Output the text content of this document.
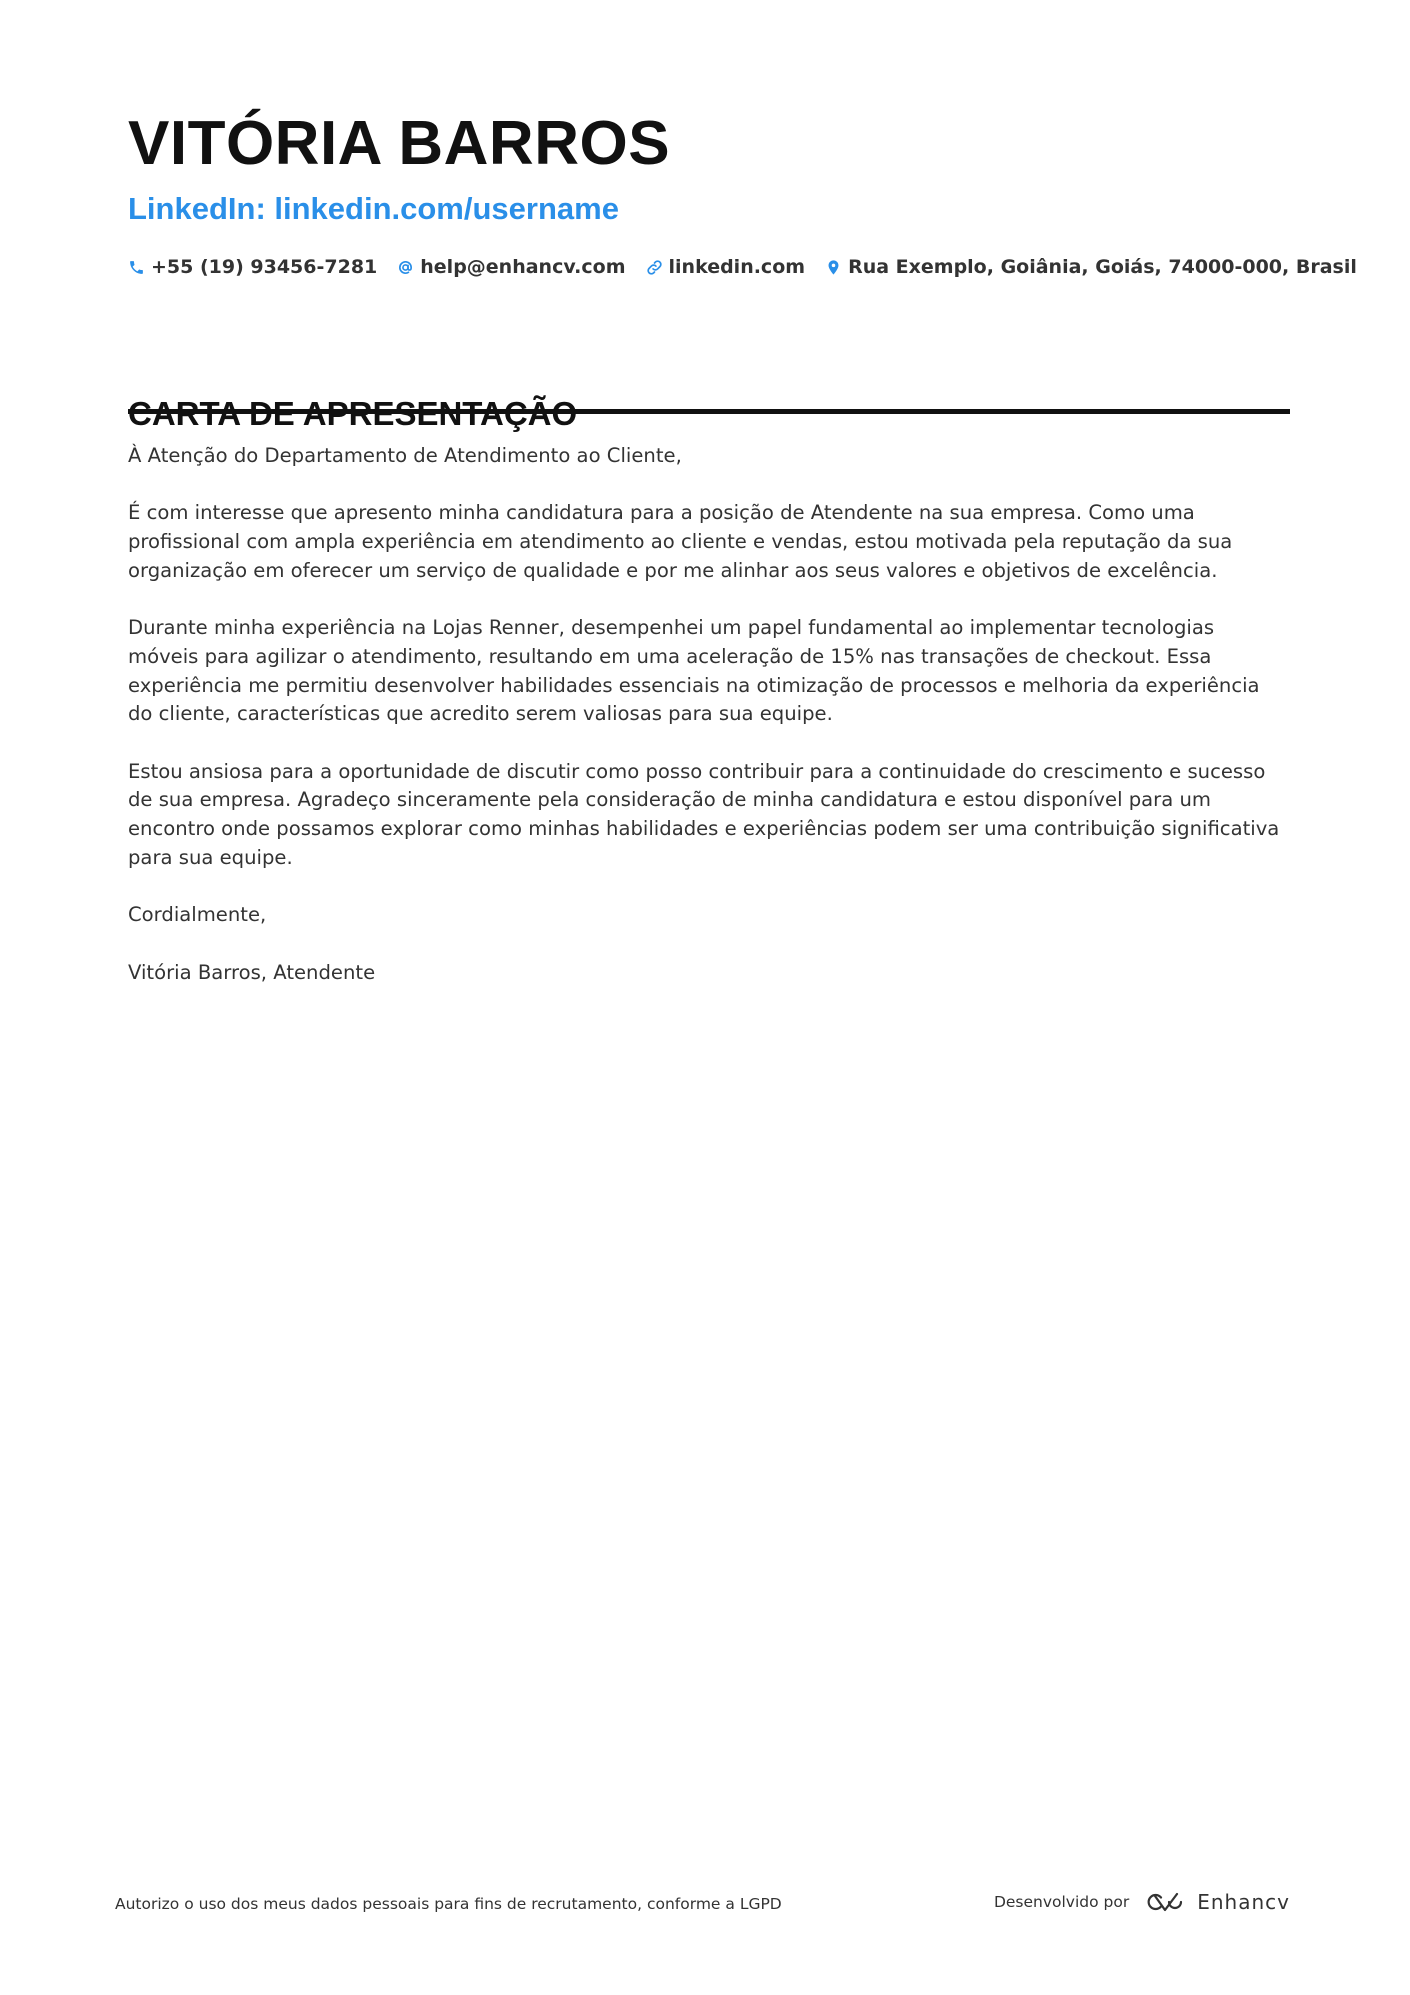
VITÓRIA BARROS
LinkedIn: linkedin.com/username
+55 (19) 93456-7281 help@enhancv.com linkedin.com Rua Exemplo, Goiânia, Goiás, 74000-000, Brasil

À Atenção do Departamento de Atendimento ao Cliente,

É com interesse que apresento minha candidatura para a posição de Atendente na sua empresa. Como uma profissional com ampla experiência em atendimento ao cliente e vendas, estou motivada pela reputação da sua organização em oferecer um serviço de qualidade e por me alinhar aos seus valores e objetivos de excelência.

Durante minha experiência na Lojas Renner, desempenhei um papel fundamental ao implementar tecnologias móveis para agilizar o atendimento, resultando em uma aceleração de 15% nas transações de checkout. Essa experiência me permitiu desenvolver habilidades essenciais na otimização de processos e melhoria da experiência do cliente, características que acredito serem valiosas para sua equipe.

Estou ansiosa para a oportunidade de discutir como posso contribuir para a continuidade do crescimento e sucesso de sua empresa. Agradeço sinceramente pela consideração de minha candidatura e estou disponível para um encontro onde possamos explorar como minhas habilidades e experiências podem ser uma contribuição significativa para sua equipe.

Cordialmente,

Vitória Barros, Atendente

Autorizo o uso dos meus dados pessoais para fins de recrutamento, conforme a LGPD	Desenvolvido por	Enhancv
